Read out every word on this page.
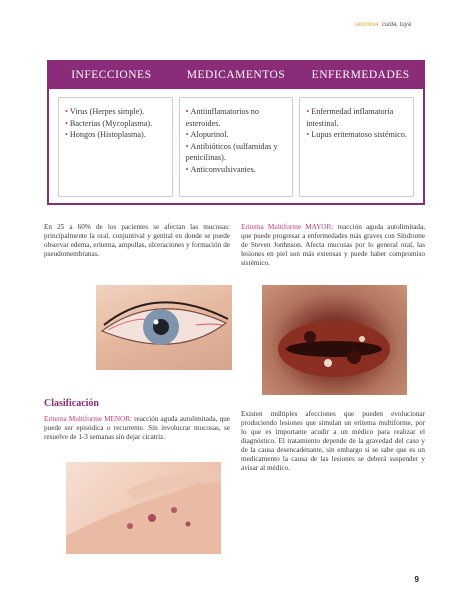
skinnova cuida, tuya
INFECCIONES	MEDICAMENTOS	ENFERMEDADES
• Virus (Herpes simple).
• Bacterias (Mycoplasma).
• Hongos (Histoplasma).
• Antiinflamatorios no esteroides.
• Alopurinol.
• Antibióticos (sulfamidas y penicilinas).
• Anticonvulsivantes.
• Enfermedad inflamatoria intestinal.
• Lupus eritematoso sistémico.

En 25 a 60% de los pacientes se afectan las mucosas: principalmente la oral, conjuntival y genital en donde se puede observar edema, eritema, ampollas, ulceraciones y formación de pseudomembranas.

Eritema Multiforme MAYOR: reacción aguda autolimitada, que puede progresar a enfermedades más graves con Síndrome de Steven Jonhnson. Afecta mucosas por lo general oral, las lesiones en piel son más extensas y puede haber compromiso sistémico.

Clasificación

Eritema Multiforme MENOR: reacción aguda autolimitada, que puede ser episódica o recurrente. Sin involucrar mucosas, se resuelve de 1-3 semanas sin dejar cicatriz.

Existen múltiples afecciones que pueden evolucionar produciendo lesiones que simulan un eritema multiforme, por lo que es importante acudir a un médico para realizar el diagnóstico. El tratamiento depende de la gravedad del caso y de la causa desencadenante, sin embargo si se sabe que es un medicamento la causa de las lesiones se deberá suspender y avisar al médico.

9
